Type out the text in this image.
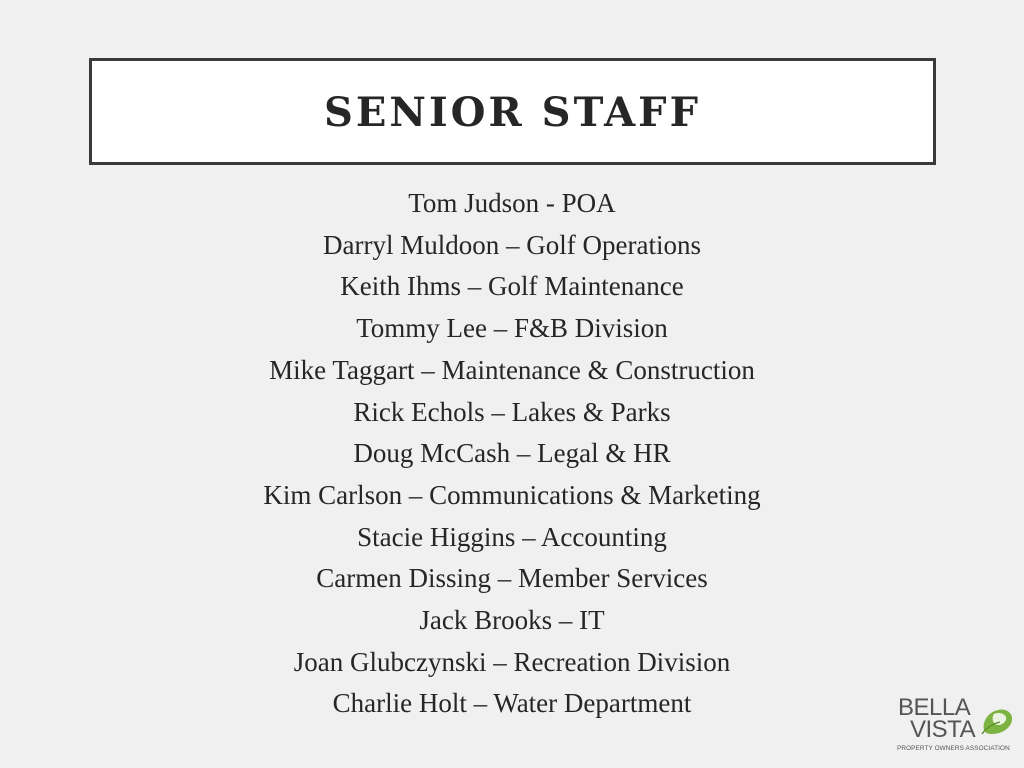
SENIOR STAFF
Tom Judson - POA
Darryl Muldoon – Golf Operations
Keith Ihms – Golf Maintenance
Tommy Lee – F&B Division
Mike Taggart – Maintenance & Construction
Rick Echols – Lakes & Parks
Doug McCash – Legal & HR
Kim Carlson – Communications & Marketing
Stacie Higgins – Accounting
Carmen Dissing – Member Services
Jack Brooks – IT
Joan Glubczynski – Recreation Division
Charlie Holt – Water Department	BELLA
VISTA
PROPERTY OWNERS ASSOCIATION
